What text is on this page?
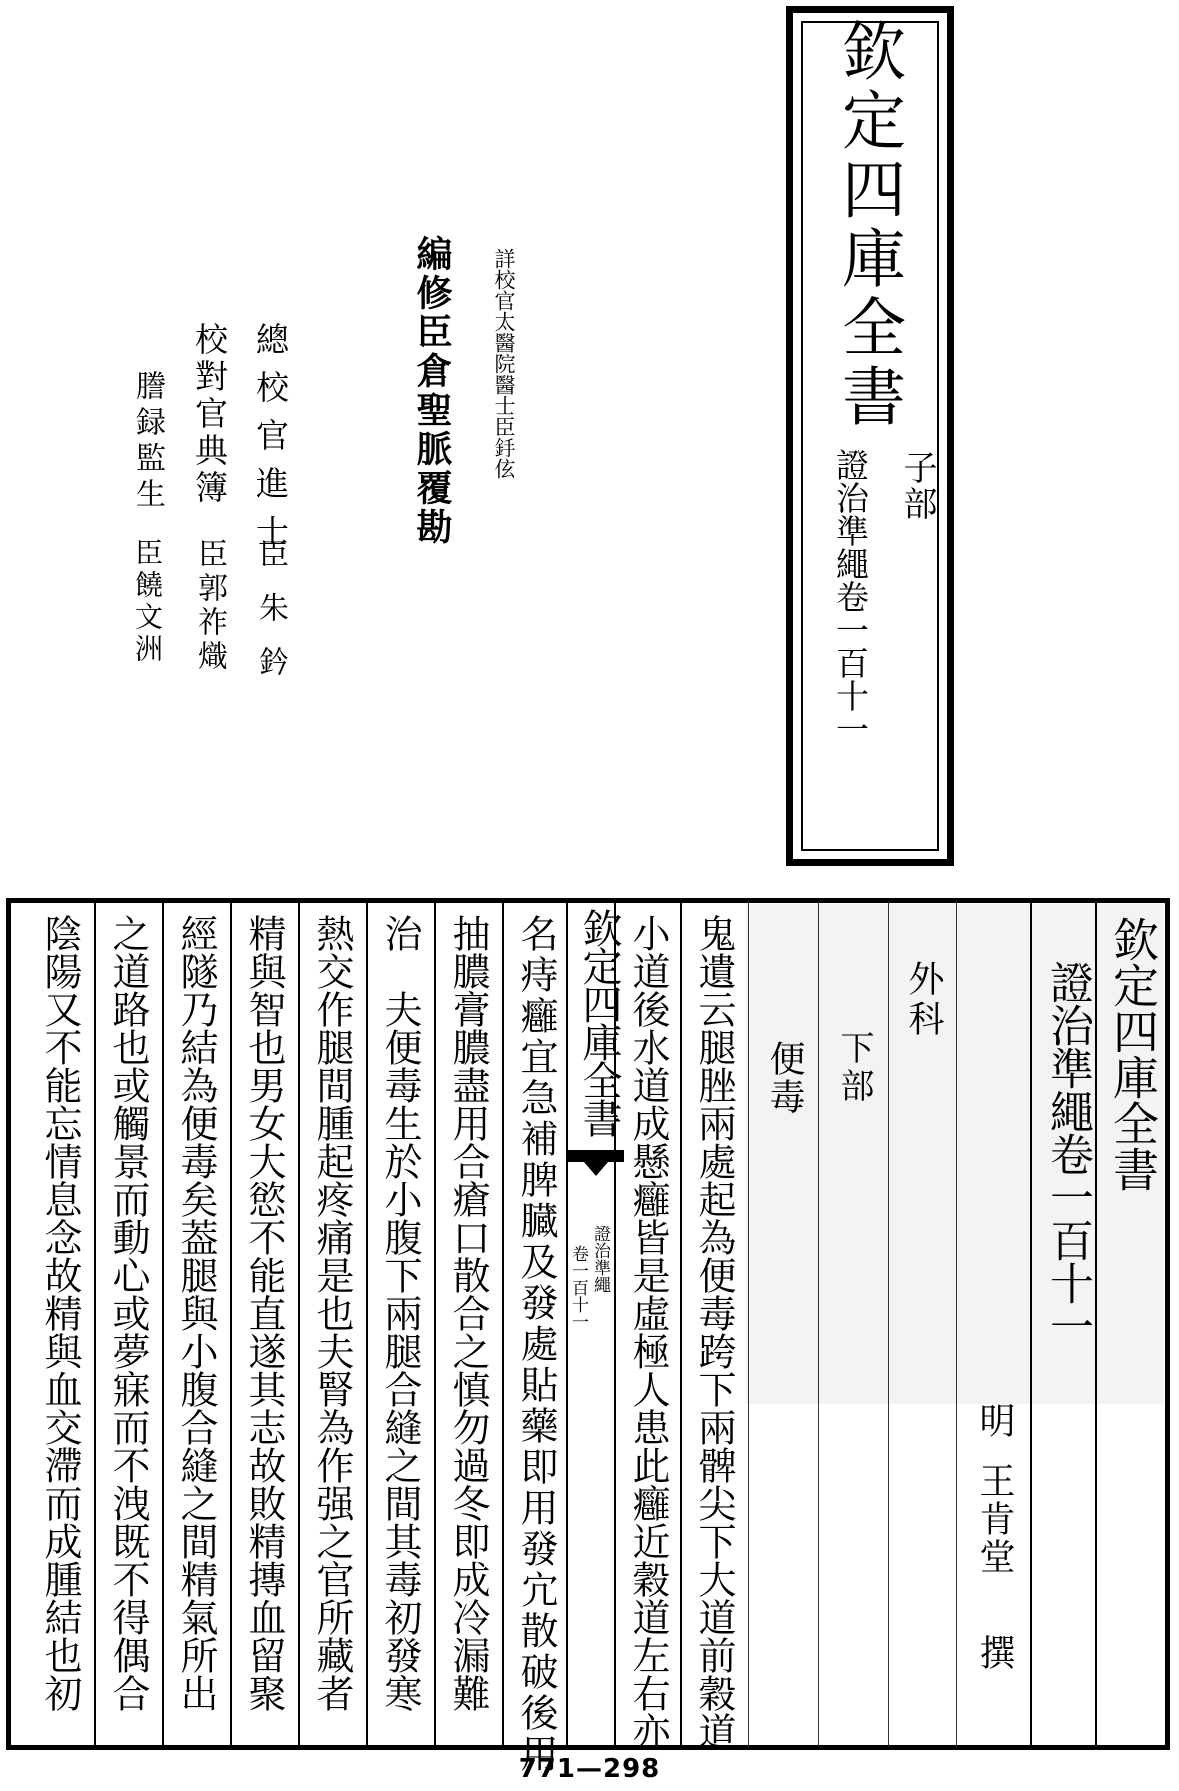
欽定四庫全書
子部
證治準繩卷一百十一
詳校官太醫院醫士臣𨥋伭
編修臣倉聖脈覆勘
總校官進士
臣朱鈐
校對官典簿
臣郭祚熾
謄録監生
臣饒文洲
欽定四庫全書
證治準繩卷一百十一
外科
下部
便毒
明
王肯堂
撰
欽定四庫全書
證治準繩
卷一百十一	鬼遺云腿脞兩處起為便毒跨下兩髀尖下大道前穀道
小道後水道成懸癰皆是虛極人患此癰近穀道左右亦
名痔癰宜急補脾臓及發處貼藥即用發宂散破後用
抽膿膏膿盡用合瘡口散合之慎勿過冬即成冷漏難
治　夫便毒生於小腹下兩腿合縫之間其毒初發寒
熱交作腿間腫起疼痛是也夫腎為作强之官所藏者
精與智也男女大慾不能直遂其志故敗精摶血留聚
經隧乃結為便毒矣葢腿與小腹合縫之間精氣所出
之道路也或觸景而動心或夢寐而不洩既不得偶合
陰陽又不能忘情息念故精與血交滯而成腫結也初
771—298
